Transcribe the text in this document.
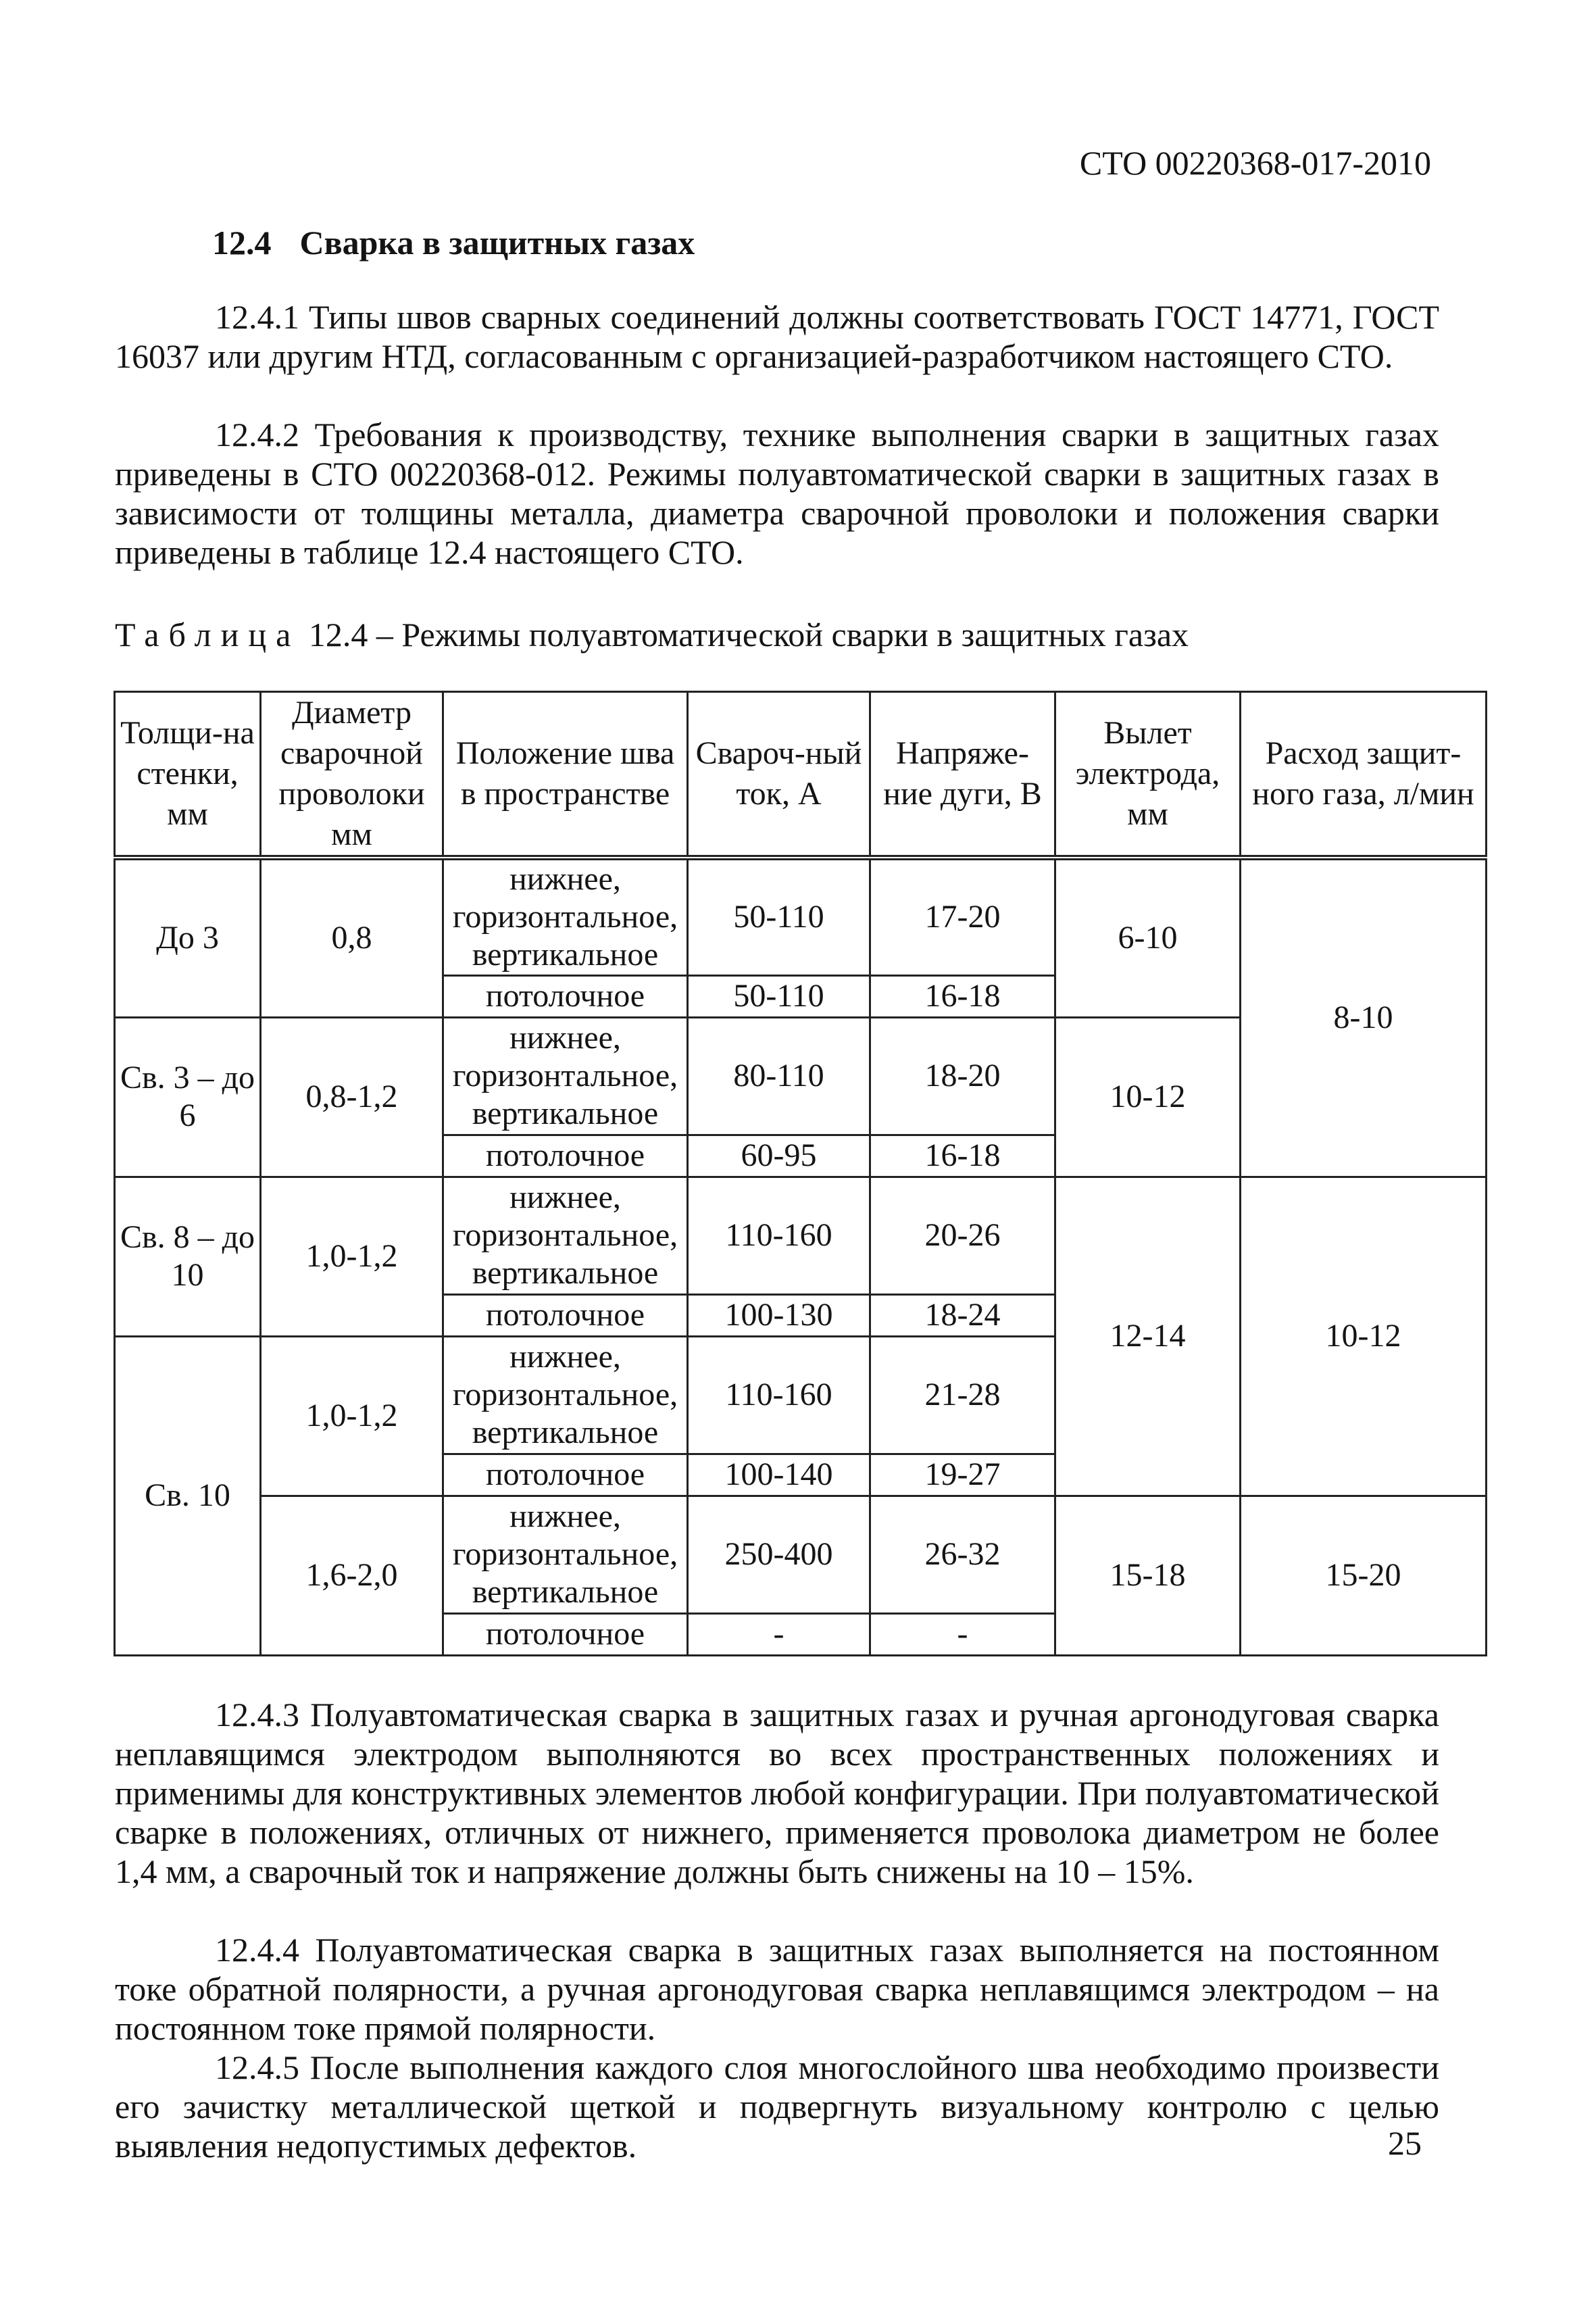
СТО 00220368-017-2010
12.4 Сварка в защитных газах

12.4.1 Типы швов сварных соединений должны соответствовать ГОСТ 14771, ГОСТ 16037 или другим НТД, согласованным с организацией-разработчиком настоящего СТО.

12.4.2 Требования к производству, технике выполнения сварки в защитных газах приведены в СТО 00220368-012. Режимы полуавтоматической сварки в защитных газах в зависимости от толщины металла, диаметра сварочной проволоки и положения сварки приведены в таблице 12.4 настоящего СТО.

Таблица 12.4 – Режимы полуавтоматической сварки в защитных газах
Толщи-на стенки, мм	Диаметр сварочной проволоки мм	Положение шва в пространстве	Свароч-ный ток, А	Напряже-ние дуги, В	Вылет электрода, мм	Расход защит-ного газа, л/мин
До 3	0,8	нижнее, горизонтальное, вертикальное	50-110	17-20	6-10	8-10
		потолочное	50-110	16-18		
Св. 3 – до 6	0,8-1,2	нижнее, горизонтальное, вертикальное	80-110	18-20	10-12	
		потолочное	60-95	16-18		
Св. 8 – до 10	1,0-1,2	нижнее, горизонтальное, вертикальное	110-160	20-26	12-14	10-12
		потолочное	100-130	18-24		
Св. 10	1,0-1,2	нижнее, горизонтальное, вертикальное	110-160	21-28		
		потолочное	100-140	19-27		
	1,6-2,0	нижнее, горизонтальное, вертикальное	250-400	26-32	15-18	15-20
		потолочное	-	-		

12.4.3 Полуавтоматическая сварка в защитных газах и ручная аргонодуговая сварка неплавящимся электродом выполняются во всех пространственных положениях и применимы для конструктивных элементов любой конфигурации. При полуавтоматической сварке в положениях, отличных от нижнего, применяется проволока диаметром не более 1,4 мм, а сварочный ток и напряжение должны быть снижены на 10 – 15%.

12.4.4 Полуавтоматическая сварка в защитных газах выполняется на постоянном токе обратной полярности, а ручная аргонодуговая сварка неплавящимся электродом – на постоянном токе прямой полярности.

12.4.5 После выполнения каждого слоя многослойного шва необходимо произвести его зачистку металлической щеткой и подвергнуть визуальному контролю с целью выявления недопустимых дефектов.	25
